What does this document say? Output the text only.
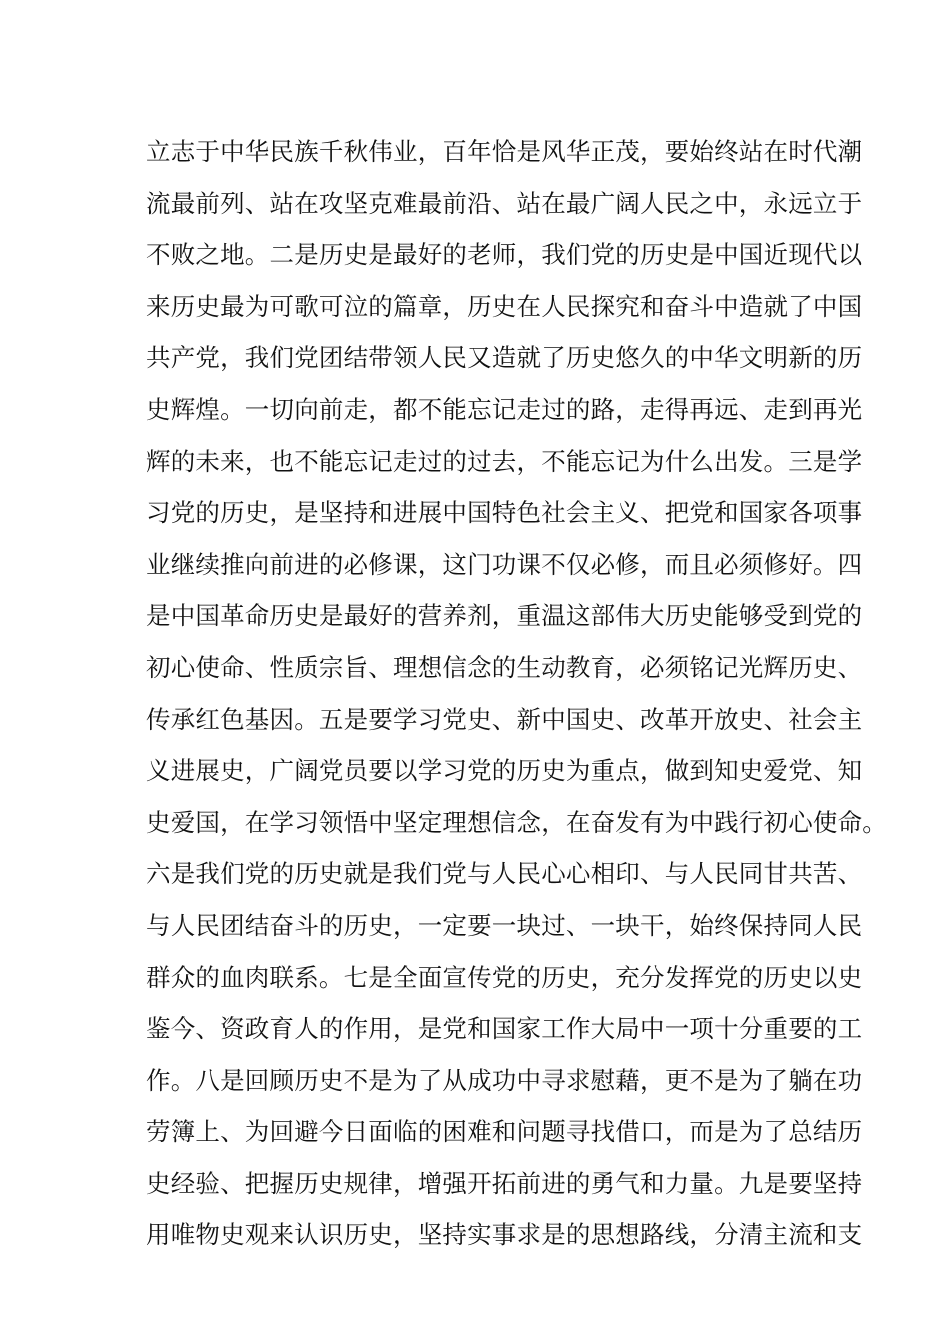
立志于中华民族千秋伟业，百年恰是风华正茂，要始终站在时代潮
流最前列、站在攻坚克难最前沿、站在最广阔人民之中，永远立于
不败之地。二是历史是最好的老师，我们党的历史是中国近现代以
来历史最为可歌可泣的篇章，历史在人民探究和奋斗中造就了中国
共产党，我们党团结带领人民又造就了历史悠久的中华文明新的历
史辉煌。一切向前走，都不能忘记走过的路，走得再远、走到再光
辉的未来，也不能忘记走过的过去，不能忘记为什么出发。三是学
习党的历史，是坚持和进展中国特色社会主义、把党和国家各项事
业继续推向前进的必修课，这门功课不仅必修，而且必须修好。四
是中国革命历史是最好的营养剂，重温这部伟大历史能够受到党的
初心使命、性质宗旨、理想信念的生动教育，必须铭记光辉历史、
传承红色基因。五是要学习党史、新中国史、改革开放史、社会主
义进展史，广阔党员要以学习党的历史为重点，做到知史爱党、知
史爱国，在学习领悟中坚定理想信念，在奋发有为中践行初心使命。
六是我们党的历史就是我们党与人民心心相印、与人民同甘共苦、
与人民团结奋斗的历史，一定要一块过、一块干，始终保持同人民
群众的血肉联系。七是全面宣传党的历史，充分发挥党的历史以史
鉴今、资政育人的作用，是党和国家工作大局中一项十分重要的工
作。八是回顾历史不是为了从成功中寻求慰藉，更不是为了躺在功
劳簿上、为回避今日面临的困难和问题寻找借口，而是为了总结历
史经验、把握历史规律，增强开拓前进的勇气和力量。九是要坚持
用唯物史观来认识历史，坚持实事求是的思想路线，分清主流和支
